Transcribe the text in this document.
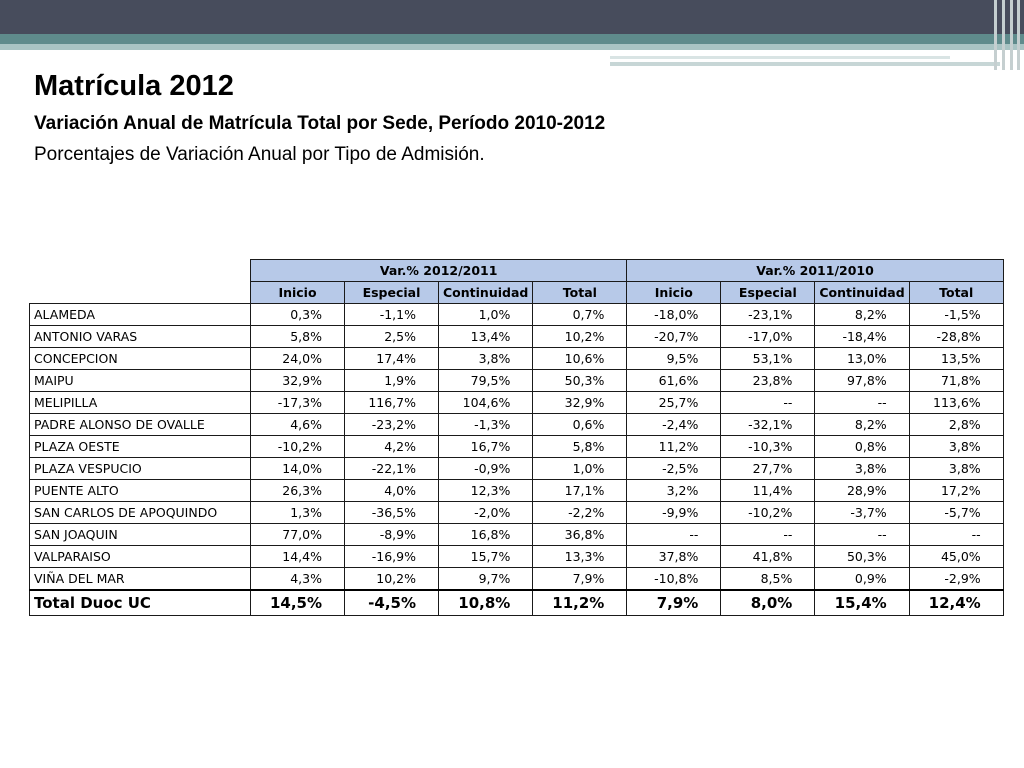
Matrícula 2012

Variación Anual de Matrícula Total por Sede, Período 2010-2012

Porcentajes de Variación Anual por Tipo de Admisión.

	Var.% 2012/2011				Var.% 2011/2010			
	Inicio	Especial	Continuidad	Total	Inicio	Especial	Continuidad	Total
ALAMEDA	0,3%	-1,1%	1,0%	0,7%	-18,0%	-23,1%	8,2%	-1,5%
ANTONIO VARAS	5,8%	2,5%	13,4%	10,2%	-20,7%	-17,0%	-18,4%	-28,8%
CONCEPCION	24,0%	17,4%	3,8%	10,6%	9,5%	53,1%	13,0%	13,5%
MAIPU	32,9%	1,9%	79,5%	50,3%	61,6%	23,8%	97,8%	71,8%
MELIPILLA	-17,3%	116,7%	104,6%	32,9%	25,7%	--	--	113,6%
PADRE ALONSO DE OVALLE	4,6%	-23,2%	-1,3%	0,6%	-2,4%	-32,1%	8,2%	2,8%
PLAZA OESTE	-10,2%	4,2%	16,7%	5,8%	11,2%	-10,3%	0,8%	3,8%
PLAZA VESPUCIO	14,0%	-22,1%	-0,9%	1,0%	-2,5%	27,7%	3,8%	3,8%
PUENTE ALTO	26,3%	4,0%	12,3%	17,1%	3,2%	11,4%	28,9%	17,2%
SAN CARLOS DE APOQUINDO	1,3%	-36,5%	-2,0%	-2,2%	-9,9%	-10,2%	-3,7%	-5,7%
SAN JOAQUIN	77,0%	-8,9%	16,8%	36,8%	--	--	--	--
VALPARAISO	14,4%	-16,9%	15,7%	13,3%	37,8%	41,8%	50,3%	45,0%
VIÑA DEL MAR	4,3%	10,2%	9,7%	7,9%	-10,8%	8,5%	0,9%	-2,9%
Total Duoc UC	14,5%	-4,5%	10,8%	11,2%	7,9%	8,0%	15,4%	12,4%
